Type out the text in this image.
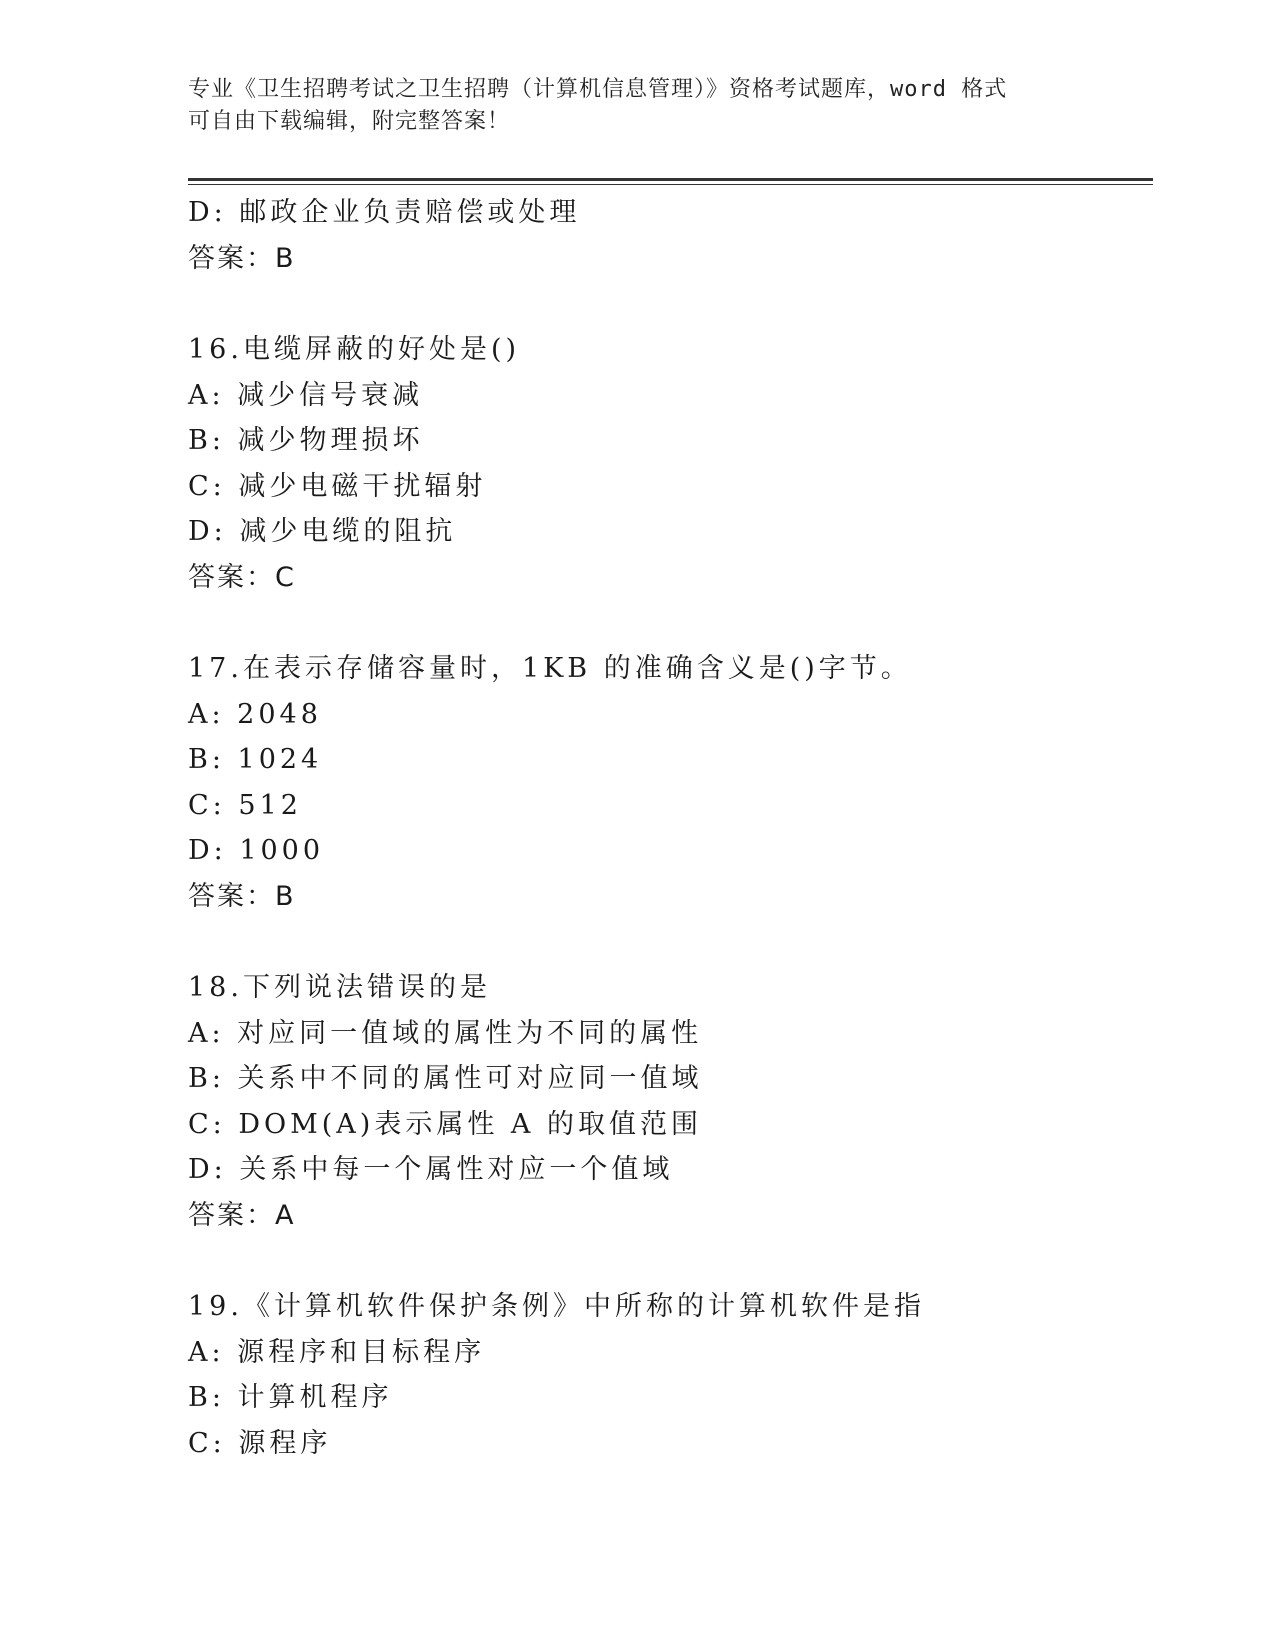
专业《卫生招聘考试之卫生招聘（计算机信息管理）》资格考试题库，word 格式
可自由下载编辑，附完整答案！
D: 邮政企业负责赔偿或处理
答案：B
16.电缆屏蔽的好处是()
A: 减少信号衰减
B: 减少物理损坏
C: 减少电磁干扰辐射
D: 减少电缆的阻抗
答案：C
17.在表示存储容量时，1KB 的准确含义是()字节。
A: 2048
B: 1024
C: 512
D: 1000
答案：B
18.下列说法错误的是
A: 对应同一值域的属性为不同的属性
B: 关系中不同的属性可对应同一值域
C: DOM(A)表示属性 A 的取值范围
D: 关系中每一个属性对应一个值域
答案：A
19.《计算机软件保护条例》中所称的计算机软件是指
A: 源程序和目标程序
B: 计算机程序
C: 源程序
